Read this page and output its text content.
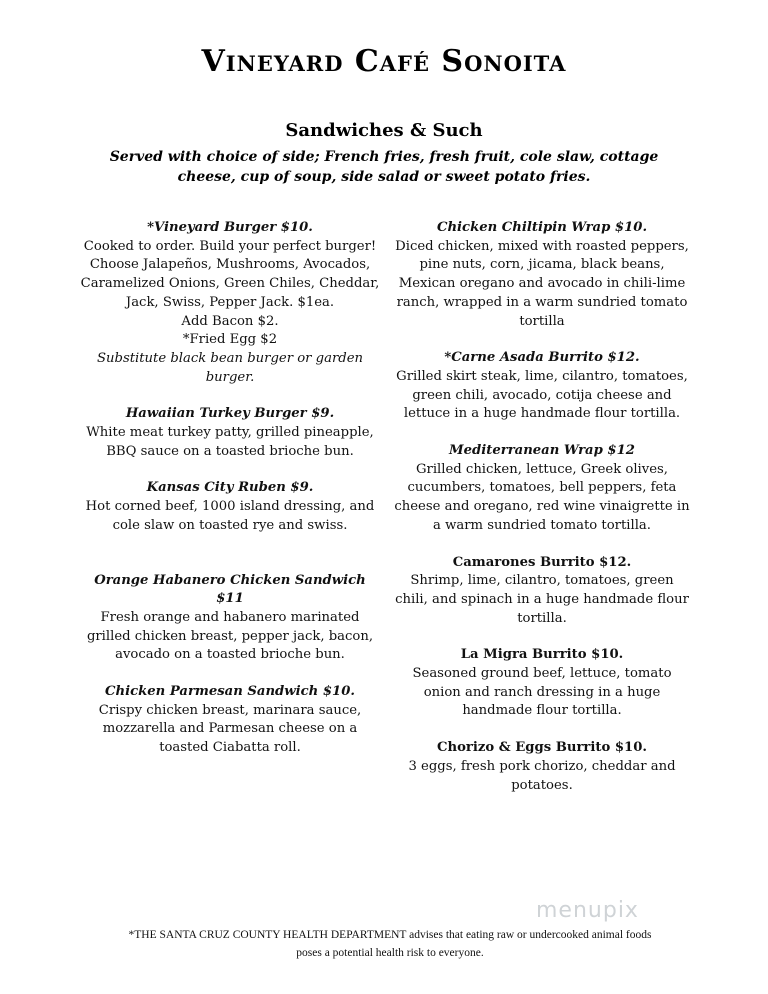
Vineyard Café Sonoita
Sandwiches & Such
Served with choice of side; French fries, fresh fruit, cole slaw, cottage cheese, cup of soup, side salad or sweet potato fries.
*Vineyard Burger $10.
Cooked to order. Build your perfect burger! Choose Jalapeños, Mushrooms, Avocados, Caramelized Onions, Green Chiles, Cheddar, Jack, Swiss, Pepper Jack. $1ea.
Add Bacon $2.
*Fried Egg $2
Substitute black bean burger or garden burger.
Hawaiian Turkey Burger $9.
White meat turkey patty, grilled pineapple, BBQ sauce on a toasted brioche bun.
Kansas City Ruben $9.
Hot corned beef, 1000 island dressing, and cole slaw on toasted rye and swiss.
Orange Habanero Chicken Sandwich $11
Fresh orange and habanero marinated grilled chicken breast, pepper jack, bacon, avocado on a toasted brioche bun.
Chicken Parmesan Sandwich $10.
Crispy chicken breast, marinara sauce, mozzarella and Parmesan cheese on a toasted Ciabatta roll.
Chicken Chiltipin Wrap $10.
Diced chicken, mixed with roasted peppers, pine nuts, corn, jicama, black beans, Mexican oregano and avocado in chili-lime ranch, wrapped in a warm sundried tomato tortilla
*Carne Asada Burrito $12.
Grilled skirt steak, lime, cilantro, tomatoes, green chili, avocado, cotija cheese and lettuce in a huge handmade flour tortilla.
Mediterranean Wrap $12
Grilled chicken, lettuce, Greek olives, cucumbers, tomatoes, bell peppers, feta cheese and oregano, red wine vinaigrette in a warm sundried tomato tortilla.
Camarones Burrito $12.
Shrimp, lime, cilantro, tomatoes, green chili, and spinach in a huge handmade flour tortilla.
La Migra Burrito $10.
Seasoned ground beef, lettuce, tomato onion and ranch dressing in a huge handmade flour tortilla.
Chorizo & Eggs Burrito $10.
3 eggs, fresh pork chorizo, cheddar and potatoes.
menupix
*THE SANTA CRUZ COUNTY HEALTH DEPARTMENT advises that eating raw or undercooked animal foods
poses a potential health risk to everyone.
